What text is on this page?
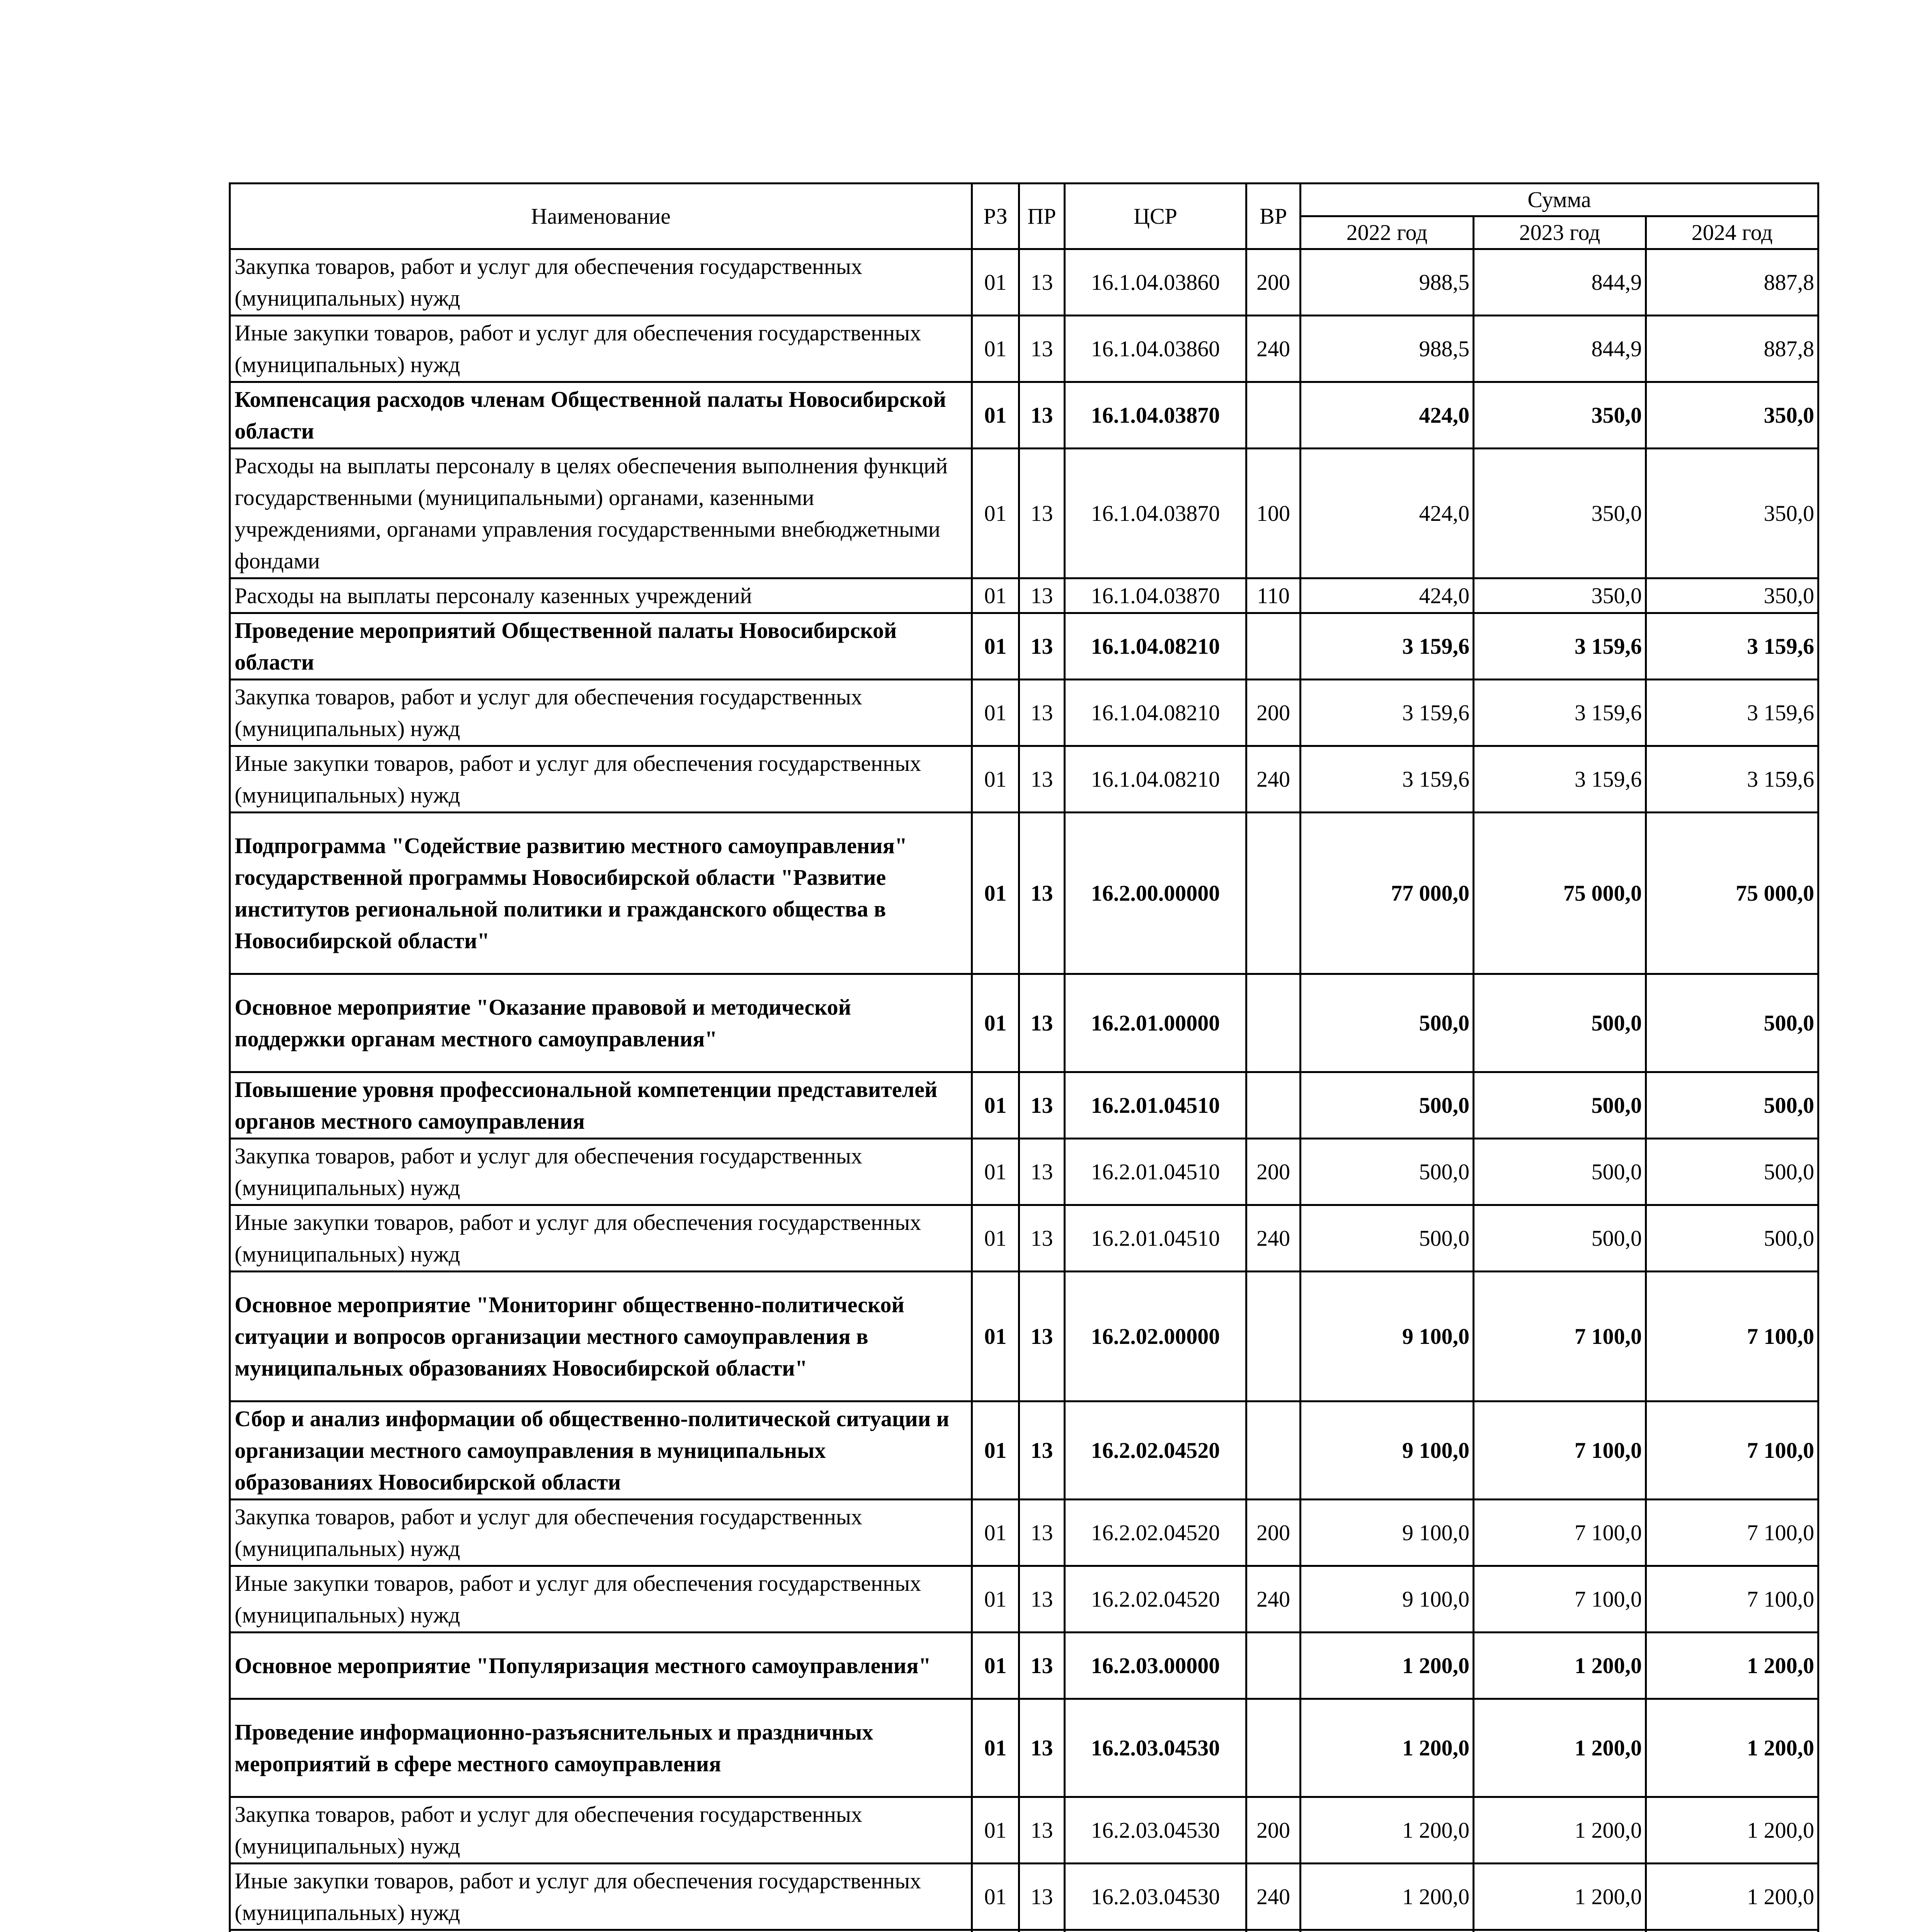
Наименование	РЗ	ПР	ЦСР	ВР	Сумма		
					2022 год	2023 год	2024 год
Закупка товаров, работ и услуг для обеспечения государственных (муниципальных) нужд	01	13	16.1.04.03860	200	988,5	844,9	887,8
Иные закупки товаров, работ и услуг для обеспечения государственных (муниципальных) нужд	01	13	16.1.04.03860	240	988,5	844,9	887,8
Компенсация расходов членам Общественной палаты Новосибирской области	01	13	16.1.04.03870		424,0	350,0	350,0
Расходы на выплаты персоналу в целях обеспечения выполнения функций государственными (муниципальными) органами, казенными учреждениями, органами управления государственными внебюджетными фондами	01	13	16.1.04.03870	100	424,0	350,0	350,0
Расходы на выплаты персоналу казенных учреждений	01	13	16.1.04.03870	110	424,0	350,0	350,0
Проведение мероприятий Общественной палаты Новосибирской области	01	13	16.1.04.08210		3 159,6	3 159,6	3 159,6
Закупка товаров, работ и услуг для обеспечения государственных (муниципальных) нужд	01	13	16.1.04.08210	200	3 159,6	3 159,6	3 159,6
Иные закупки товаров, работ и услуг для обеспечения государственных (муниципальных) нужд	01	13	16.1.04.08210	240	3 159,6	3 159,6	3 159,6
Подпрограмма "Содействие развитию местного самоуправления" государственной программы Новосибирской области "Развитие институтов региональной политики и гражданского общества в Новосибирской области"	01	13	16.2.00.00000		77 000,0	75 000,0	75 000,0
Основное мероприятие "Оказание правовой и методической поддержки органам местного самоуправления"	01	13	16.2.01.00000		500,0	500,0	500,0
Повышение уровня профессиональной компетенции представителей органов местного самоуправления	01	13	16.2.01.04510		500,0	500,0	500,0
Закупка товаров, работ и услуг для обеспечения государственных (муниципальных) нужд	01	13	16.2.01.04510	200	500,0	500,0	500,0
Иные закупки товаров, работ и услуг для обеспечения государственных (муниципальных) нужд	01	13	16.2.01.04510	240	500,0	500,0	500,0
Основное мероприятие "Мониторинг общественно-политической ситуации и вопросов организации местного самоуправления в муниципальных образованиях Новосибирской области"	01	13	16.2.02.00000		9 100,0	7 100,0	7 100,0
Сбор и анализ информации об общественно-политической ситуации и организации местного самоуправления в муниципальных образованиях Новосибирской области	01	13	16.2.02.04520		9 100,0	7 100,0	7 100,0
Закупка товаров, работ и услуг для обеспечения государственных (муниципальных) нужд	01	13	16.2.02.04520	200	9 100,0	7 100,0	7 100,0
Иные закупки товаров, работ и услуг для обеспечения государственных (муниципальных) нужд	01	13	16.2.02.04520	240	9 100,0	7 100,0	7 100,0
Основное мероприятие "Популяризация местного самоуправления"	01	13	16.2.03.00000		1 200,0	1 200,0	1 200,0
Проведение информационно-разъяснительных и праздничных мероприятий в сфере местного самоуправления	01	13	16.2.03.04530		1 200,0	1 200,0	1 200,0
Закупка товаров, работ и услуг для обеспечения государственных (муниципальных) нужд	01	13	16.2.03.04530	200	1 200,0	1 200,0	1 200,0
Иные закупки товаров, работ и услуг для обеспечения государственных (муниципальных) нужд	01	13	16.2.03.04530	240	1 200,0	1 200,0	1 200,0
